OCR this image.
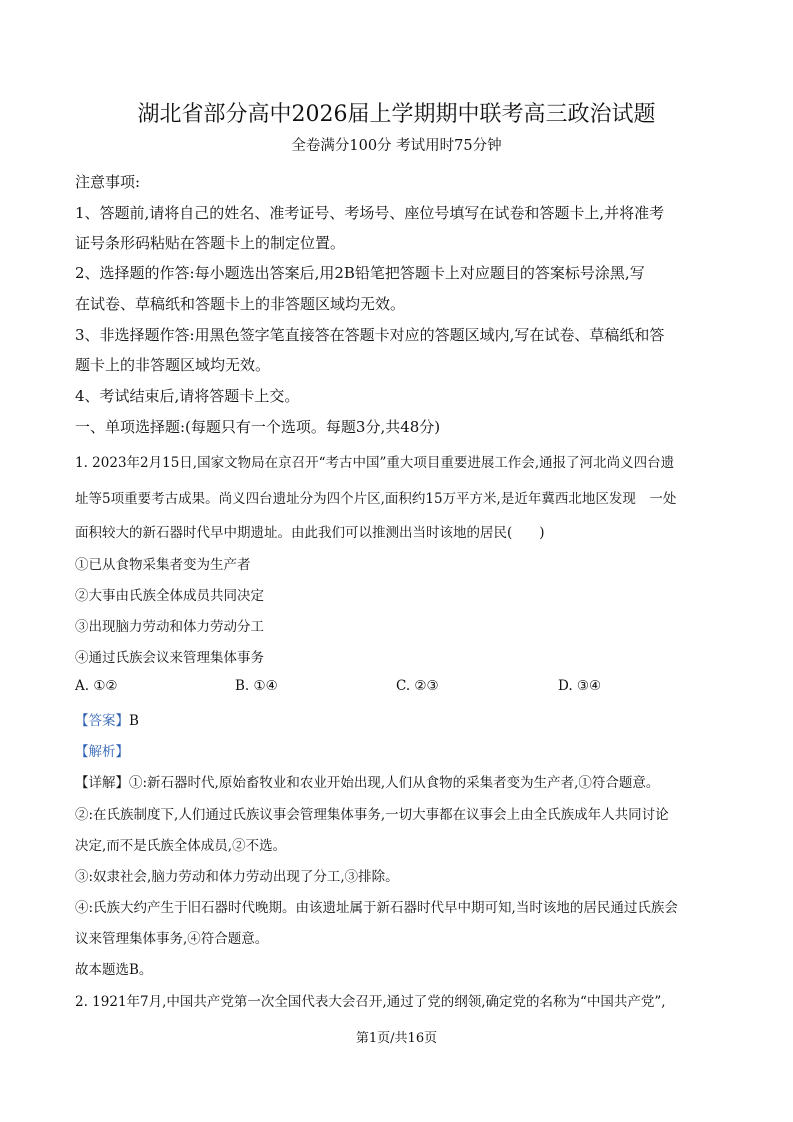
湖北省部分高中2026届上学期期中联考高三政治试题
全卷满分100分 考试用时75分钟
注意事项:
1、答题前,请将自己的姓名、准考证号、考场号、座位号填写在试卷和答题卡上,并将准考
证号条形码粘贴在答题卡上的制定位置。
2、选择题的作答:每小题选出答案后,用2B铅笔把答题卡上对应题目的答案标号涂黑,写
在试卷、草稿纸和答题卡上的非答题区域均无效。
3、非选择题作答:用黑色签字笔直接答在答题卡对应的答题区域内,写在试卷、草稿纸和答
题卡上的非答题区域均无效。
4、考试结束后,请将答题卡上交。
一、单项选择题:(每题只有一个选项。每题3分,共48分)
1. 2023年2月15日,国家文物局在京召开“考古中国”重大项目重要进展工作会,通报了河北尚义四台遗
址等5项重要考古成果。尚义四台遗址分为四个片区,面积约15万平方米,是近年冀西北地区发现　一处
面积较大的新石器时代早中期遗址。由此我们可以推测出当时该地的居民(　　)
①已从食物采集者变为生产者
②大事由氏族全体成员共同决定
③出现脑力劳动和体力劳动分工
④通过氏族会议来管理集体事务
A. ①②	B. ①④	C. ②③	D. ③④
【答案】B
【解析】
【详解】①:新石器时代,原始畜牧业和农业开始出现,人们从食物的采集者变为生产者,①符合题意。
②:在氏族制度下,人们通过氏族议事会管理集体事务,一切大事都在议事会上由全氏族成年人共同讨论
决定,而不是氏族全体成员,②不选。
③:奴隶社会,脑力劳动和体力劳动出现了分工,③排除。
④:氏族大约产生于旧石器时代晚期。由该遗址属于新石器时代早中期可知,当时该地的居民通过氏族会
议来管理集体事务,④符合题意。
故本题选B。
2. 1921年7月,中国共产党第一次全国代表大会召开,通过了党的纲领,确定党的名称为“中国共产党”,
第1页/共16页
